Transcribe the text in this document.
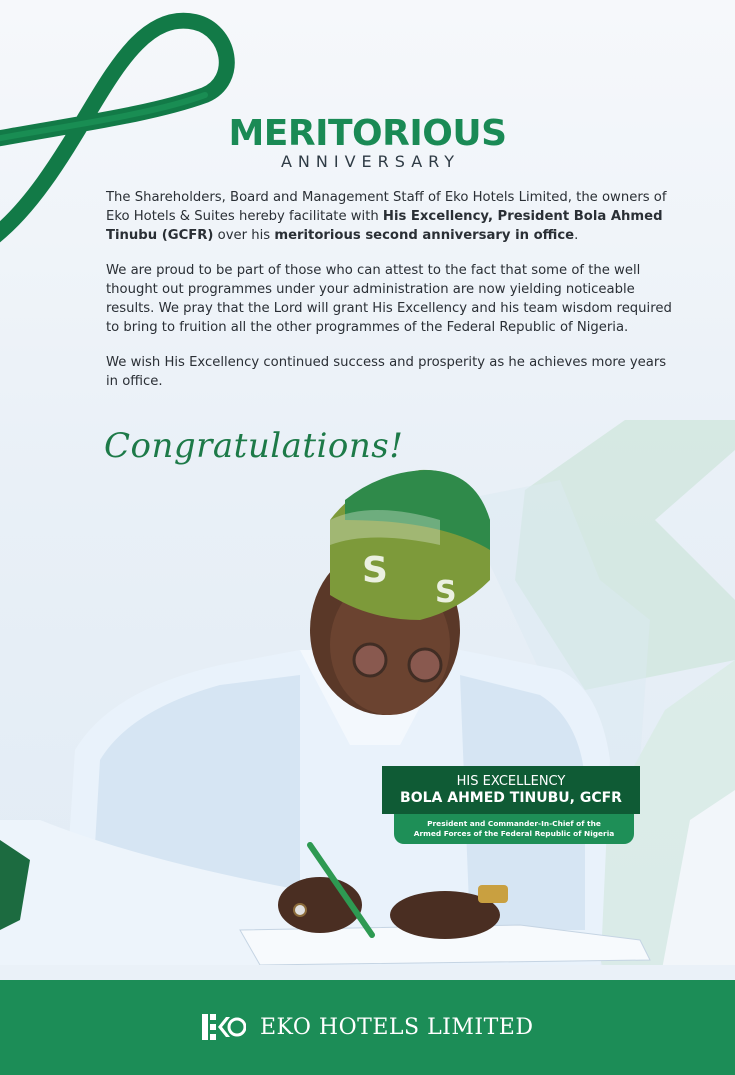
MERITORIOUS
ANNIVERSARY

The Shareholders, Board and Management Staff of Eko Hotels Limited, the owners of Eko Hotels & Suites hereby facilitate with His Excellency, President Bola Ahmed Tinubu (GCFR) over his meritorious second anniversary in office.

We are proud to be part of those who can attest to the fact that some of the well thought out programmes under your administration are now yielding noticeable results. We pray that the Lord will grant His Excellency and his team wisdom required to bring to fruition all the other programmes of the Federal Republic of Nigeria.

We wish His Excellency continued success and prosperity as he achieves more years in office.

Congratulations!
S
S
HIS EXCELLENCY
BOLA AHMED TINUBU, GCFR
President and Commander-In-Chief of the
Armed Forces of the Federal Republic of Nigeria
EKO HOTELS LIMITED
